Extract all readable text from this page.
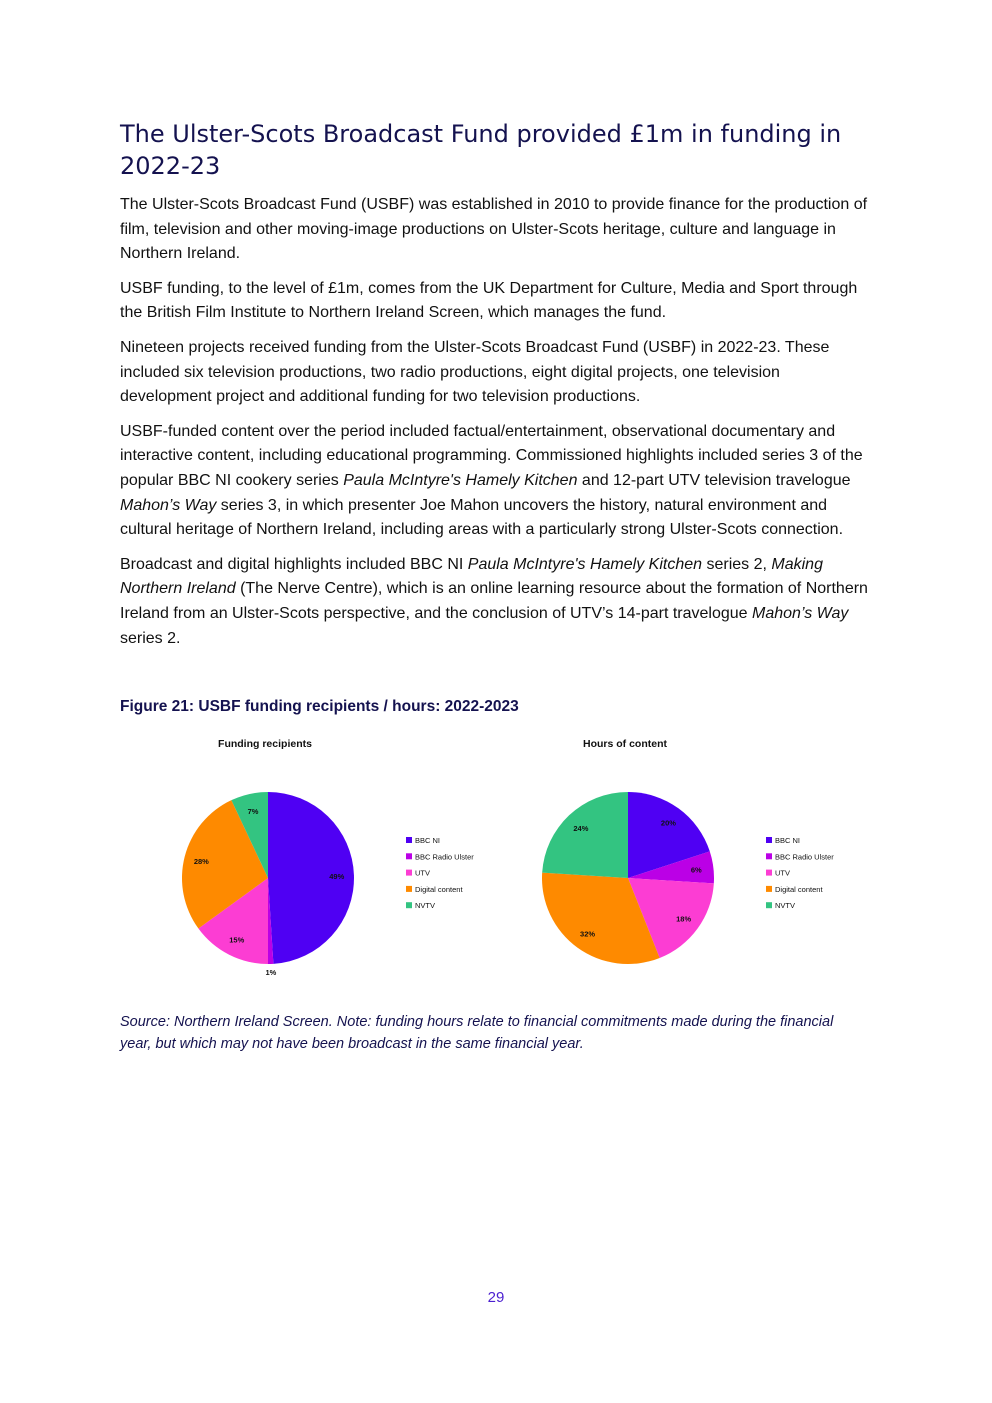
The Ulster-Scots Broadcast Fund provided £1m in funding in 2022-23

The Ulster-Scots Broadcast Fund (USBF) was established in 2010 to provide finance for the production of film, television and other moving-image productions on Ulster-Scots heritage, culture and language in Northern Ireland.

USBF funding, to the level of £1m, comes from the UK Department for Culture, Media and Sport through the British Film Institute to Northern Ireland Screen, which manages the fund.

Nineteen projects received funding from the Ulster-Scots Broadcast Fund (USBF) in 2022-23. These included six television productions, two radio productions, eight digital projects, one television development project and additional funding for two television productions.

USBF-funded content over the period included factual/entertainment, observational documentary and interactive content, including educational programming. Commissioned highlights included series 3 of the popular BBC NI cookery series Paula McIntyre's Hamely Kitchen and 12-part UTV television travelogue Mahon’s Way series 3, in which presenter Joe Mahon uncovers the history, natural environment and cultural heritage of Northern Ireland, including areas with a particularly strong Ulster-Scots connection.

Broadcast and digital highlights included BBC NI Paula McIntyre's Hamely Kitchen series 2, Making Northern Ireland (The Nerve Centre), which is an online learning resource about the formation of Northern Ireland from an Ulster-Scots perspective, and the conclusion of UTV’s 14-part travelogue Mahon’s Way series 2.

Figure 21: USBF funding recipients / hours: 2022-2023
Funding recipients
49%
1%
15%
28%
7%
BBC NI
BBC Radio Ulster
UTV
Digital content
NVTV
Hours of content
20%
6%
18%
32%
24%
BBC NI
BBC Radio Ulster
UTV
Digital content
NVTV

Source: Northern Ireland Screen. Note: funding hours relate to financial commitments made during the financial year, but which may not have been broadcast in the same financial year.

29
